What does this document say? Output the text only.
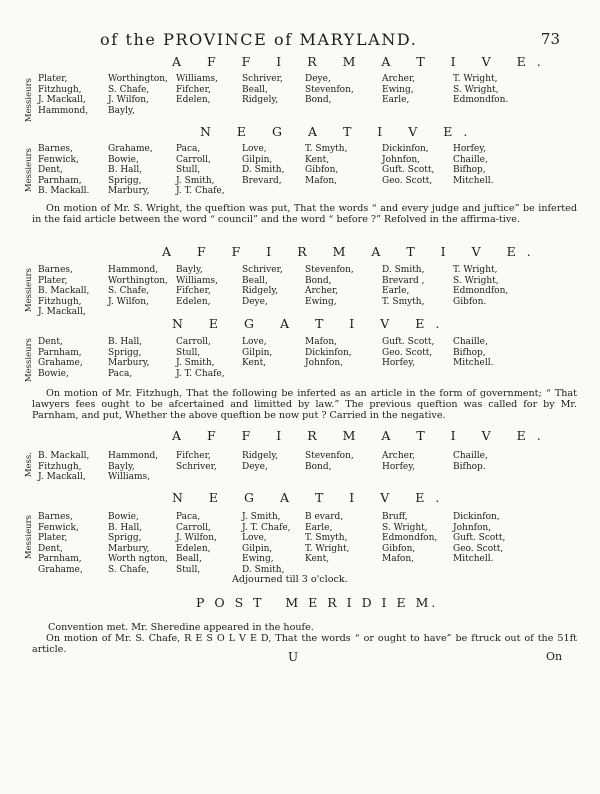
of the PROVINCE of MARYLAND.	73
A F F I R M A T I V E.
Messieurs Plater,
Fitzhugh,
J. Mackall,
Hammond,
Worthington,
S. Chafe,
J. Wilfon,
Bayly,
Williams,
Fifcher,
Edelen,
Schriver,
Beall,
Ridgely,
Deye,
Stevenfon,
Bond,
Archer,
Ewing,
Earle,
T. Wright,
S. Wright,
Edmondfon.
N E G A T I V E.
Messieurs Barnes,
Fenwick,
Dent,
Parnham,
B. Mackall.
Grahame,
Bowie,
B. Hall,
Sprigg,
Marbury,
Paca,
Carroll,
Stull,
J. Smith,
J. T. Chafe,
Love,
Gilpin,
D. Smith,
Brevard,
T. Smyth,
Kent,
Gibfon,
Mafon,
Dickinfon,
Johnfon,
Guft. Scott,
Geo. Scott,
Horfey,
Chaille,
Bifhop,
Mitchell.
On motion of Mr. S. Wright, the queftion was put, That the words “ and every judge and juftice” be inferted in the faid article between the word “ council” and the word “ before ?” Refolved in the affirma-tive.
A F F I R M A T I V E.
Messieurs Barnes,
Plater,
B. Mackall,
Fitzhugh,
J. Mackall,
Hammond,
Worthington,
S. Chafe,
J. Wilfon,
Bayly,
Williams,
Fifcher,
Edelen,
Schriver,
Beall,
Ridgely,
Deye,
Stevenfon,
Bond,
Archer,
Ewing,
D. Smith,
Brevard ,
Earle,
T. Smyth,
T. Wright,
S. Wright,
Edmondfon,
Gibfon.
N E G A T I V E.
Messieurs Dent,
Parnham,
Grahame,
Bowie,
B. Hall,
Sprigg,
Marbury,
Paca,
Carroll,
Stull,
J. Smith,
J. T. Chafe,
Love,
Gilpin,
Kent,
Mafon,
Dickinfon,
Johnfon,
Guft. Scott,
Geo. Scott,
Horfey,
Chaille,
Bifhop,
Mitchell.
On motion of Mr. Fitzhugh, That the following be inferted as an article in the form of government; “ That lawyers fees ought to be afcertained and limitted by law.” The previous queftion was called for by Mr. Parnham, and put, Whether the above queftion be now put ? Carried in the negative.
A F F I R M A T I V E.
Mess. B. Mackall,
Fitzhugh,
J. Mackall,
Hammond,
Bayly,
Williams,
Fifcher,
Schriver,
Ridgely,
Deye,
Stevenfon,
Bond,
Archer,
Horfey,
Chaille,
Bifhop.
N E G A T I V E.
Messieurs Barnes,
Fenwick,
Plater,
Dent,
Parnham,
Grahame,
Bowie,
B. Hall,
Sprigg,
Marbury,
Worth ngton,
S. Chafe,
Paca,
Carroll,
J. Wilfon,
Edelen,
Beall,
Stull,
J. Smith,
J. T. Chafe,
Love,
Gilpin,
Ewing,
D. Smith,
B evard,
Earle,
T. Smyth,
T. Wright,
Kent,
Bruff,
S. Wright,
Edmondfon,
Gibfon,
Mafon,
Dickinfon,
Johnfon,
Guft. Scott,
Geo. Scott,
Mitchell.
Adjourned till 3 o'clock.
P O S T   M E R I D I E M.
Convention met. Mr. Sheredine appeared in the houfe.
On motion of Mr. S. Chafe, R E S O L V E D, That the words “ or ought to have” be ftruck out of the 51ft article.
U	On
